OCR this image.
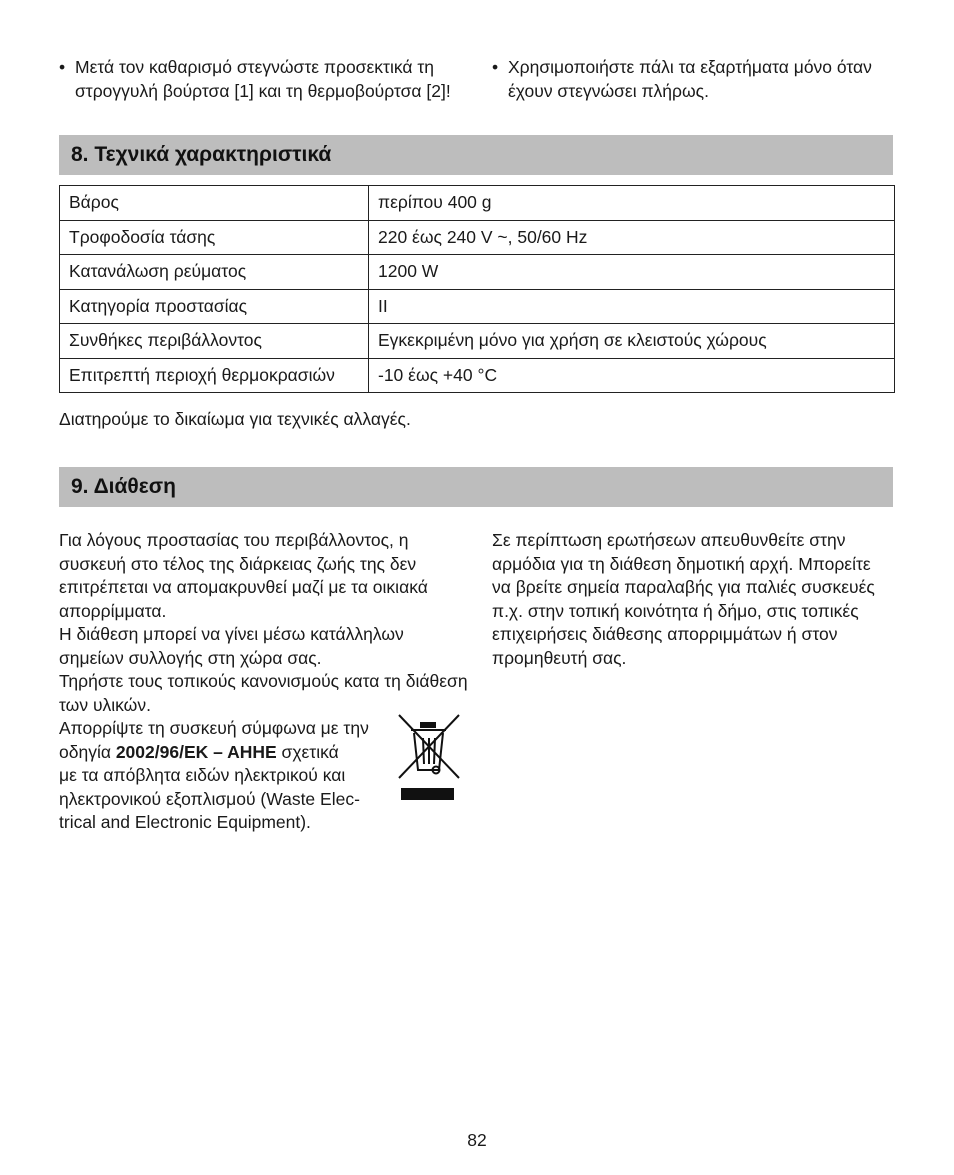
• Μετά τον καθαρισμό στεγνώστε προσεκτικά τη στρογγυλή βούρτσα [1] και τη θερμοβούρτσα [2]!
• Χρησιμοποιήστε πάλι τα εξαρτήματα μόνο όταν έχουν στεγνώσει πλήρως.
8. Τεχνικά χαρακτηριστικά
Βάρος	περίπου 400 g
Τροφοδοσία τάσης	220 έως 240 V ~, 50/60 Hz
Κατανάλωση ρεύματος	1200 W
Κατηγορία προστασίας	II
Συνθήκες περιβάλλοντος	Εγκεκριμένη μόνο για χρήση σε κλειστούς χώρους
Επιτρεπτή περιοχή θερμοκρασιών	-10 έως +40 °C

Διατηρούμε το δικαίωμα για τεχνικές αλλαγές.

9. Διάθεση

Για λόγους προστασίας του περιβάλλοντος, η συσκευή στο τέλος της διάρκειας ζωής της δεν επιτρέπεται να απομακρυνθεί μαζί με τα οικιακά απορρίμματα.

Η διάθεση μπορεί να γίνει μέσω κατάλληλων σημείων συλλογής στη χώρα σας.

Τηρήστε τους τοπικούς κανονισμούς κατα τη διάθεση των υλικών.

Απορρίψτε τη συσκευή σύμφωνα με την
οδηγία 2002/96/EK – AHHE σχετικά
με τα απόβλητα ειδών ηλεκτρικού και
ηλεκτρονικού εξοπλισμού (Waste Elec-
trical and Electronic Equipment).

Σε περίπτωση ερωτήσεων απευθυνθείτε στην αρμόδια για τη διάθεση δημοτική αρχή. Μπορείτε να βρείτε σημεία παραλαβής για παλιές συσκευές π.χ. στην τοπική κοινότητα ή δήμο, στις τοπικές επιχειρήσεις διάθεσης απορριμμάτων ή στον προμηθευτή σας.

82
